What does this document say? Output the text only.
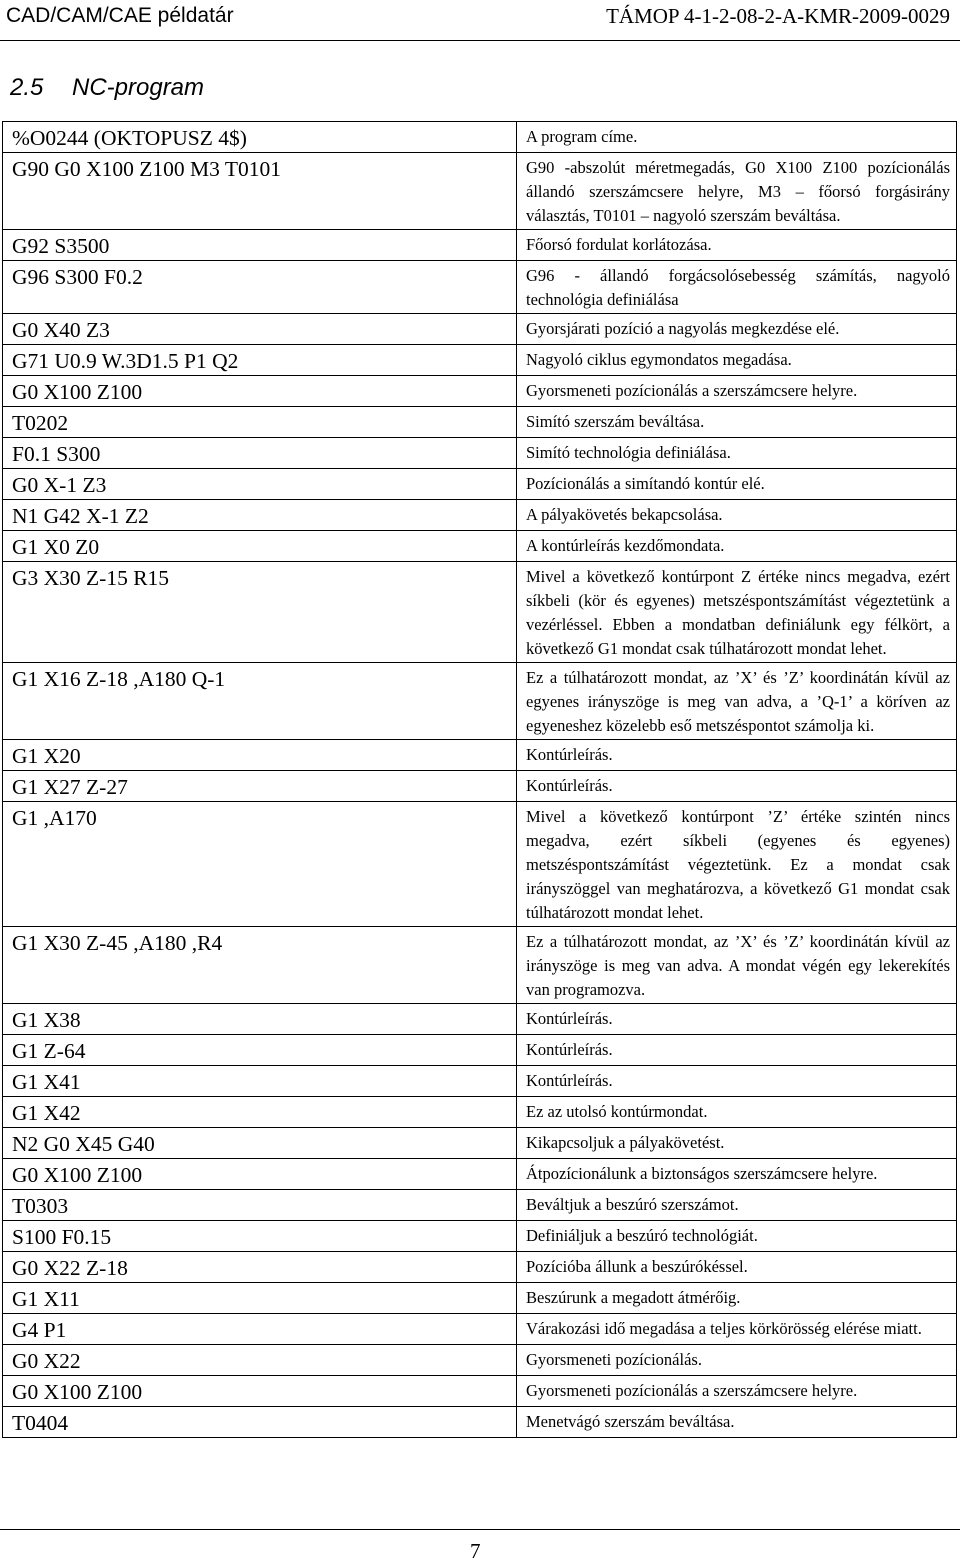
CAD/CAM/CAE példatár	TÁMOP 4-1-2-08-2-A-KMR-2009-0029
2.5 NC-program
%O0244 (OKTOPUSZ 4$)	A program címe.
G90 G0 X100 Z100 M3 T0101	G90 -abszolút méretmegadás, G0 X100 Z100 pozícionálás állandó szerszámcsere helyre, M3 – főorsó forgásirány választás, T0101 – nagyoló szerszám beváltása.
G92 S3500	Főorsó fordulat korlátozása.
G96 S300 F0.2	G96 - állandó forgácsolósebesség számítás, nagyoló technológia definiálása
G0 X40 Z3	Gyorsjárati pozíció a nagyolás megkezdése elé.
G71 U0.9 W.3D1.5 P1 Q2	Nagyoló ciklus egymondatos megadása.
G0 X100 Z100	Gyorsmeneti pozícionálás a szerszámcsere helyre.
T0202	Simító szerszám beváltása.
F0.1 S300	Simító technológia definiálása.
G0 X-1 Z3	Pozícionálás a simítandó kontúr elé.
N1 G42 X-1 Z2	A pályakövetés bekapcsolása.
G1 X0 Z0	A kontúrleírás kezdőmondata.
G3 X30 Z-15 R15	Mivel a következő kontúrpont Z értéke nincs megadva, ezért síkbeli (kör és egyenes) metszéspontszámítást végeztetünk a vezérléssel. Ebben a mondatban definiálunk egy félkört, a következő G1 mondat csak túlhatározott mondat lehet.
G1 X16 Z-18 ,A180 Q-1	Ez a túlhatározott mondat, az ’X’ és ’Z’ koordinátán kívül az egyenes irányszöge is meg van adva, a ’Q-1’ a köríven az egyeneshez közelebb eső metszéspontot számolja ki.
G1 X20	Kontúrleírás.
G1 X27 Z-27	Kontúrleírás.
G1 ,A170	Mivel a következő kontúrpont ’Z’ értéke szintén nincs megadva, ezért síkbeli (egyenes és egyenes) metszéspontszámítást végeztetünk. Ez a mondat csak irányszöggel van meghatározva, a következő G1 mondat csak túlhatározott mondat lehet.
G1 X30 Z-45 ,A180 ,R4	Ez a túlhatározott mondat, az ’X’ és ’Z’ koordinátán kívül az irányszöge is meg van adva. A mondat végén egy lekerekítés van programozva.
G1 X38	Kontúrleírás.
G1 Z-64	Kontúrleírás.
G1 X41	Kontúrleírás.
G1 X42	Ez az utolsó kontúrmondat.
N2 G0 X45 G40	Kikapcsoljuk a pályakövetést.
G0 X100 Z100	Átpozícionálunk a biztonságos szerszámcsere helyre.
T0303	Beváltjuk a beszúró szerszámot.
S100 F0.15	Definiáljuk a beszúró technológiát.
G0 X22 Z-18	Pozícióba állunk a beszúrókéssel.
G1 X11	Beszúrunk a megadott átmérőig.
G4 P1	Várakozási idő megadása a teljes körkörösség elérése miatt.
G0 X22	Gyorsmeneti pozícionálás.
G0 X100 Z100	Gyorsmeneti pozícionálás a szerszámcsere helyre.
T0404	Menetvágó szerszám beváltása.
7
